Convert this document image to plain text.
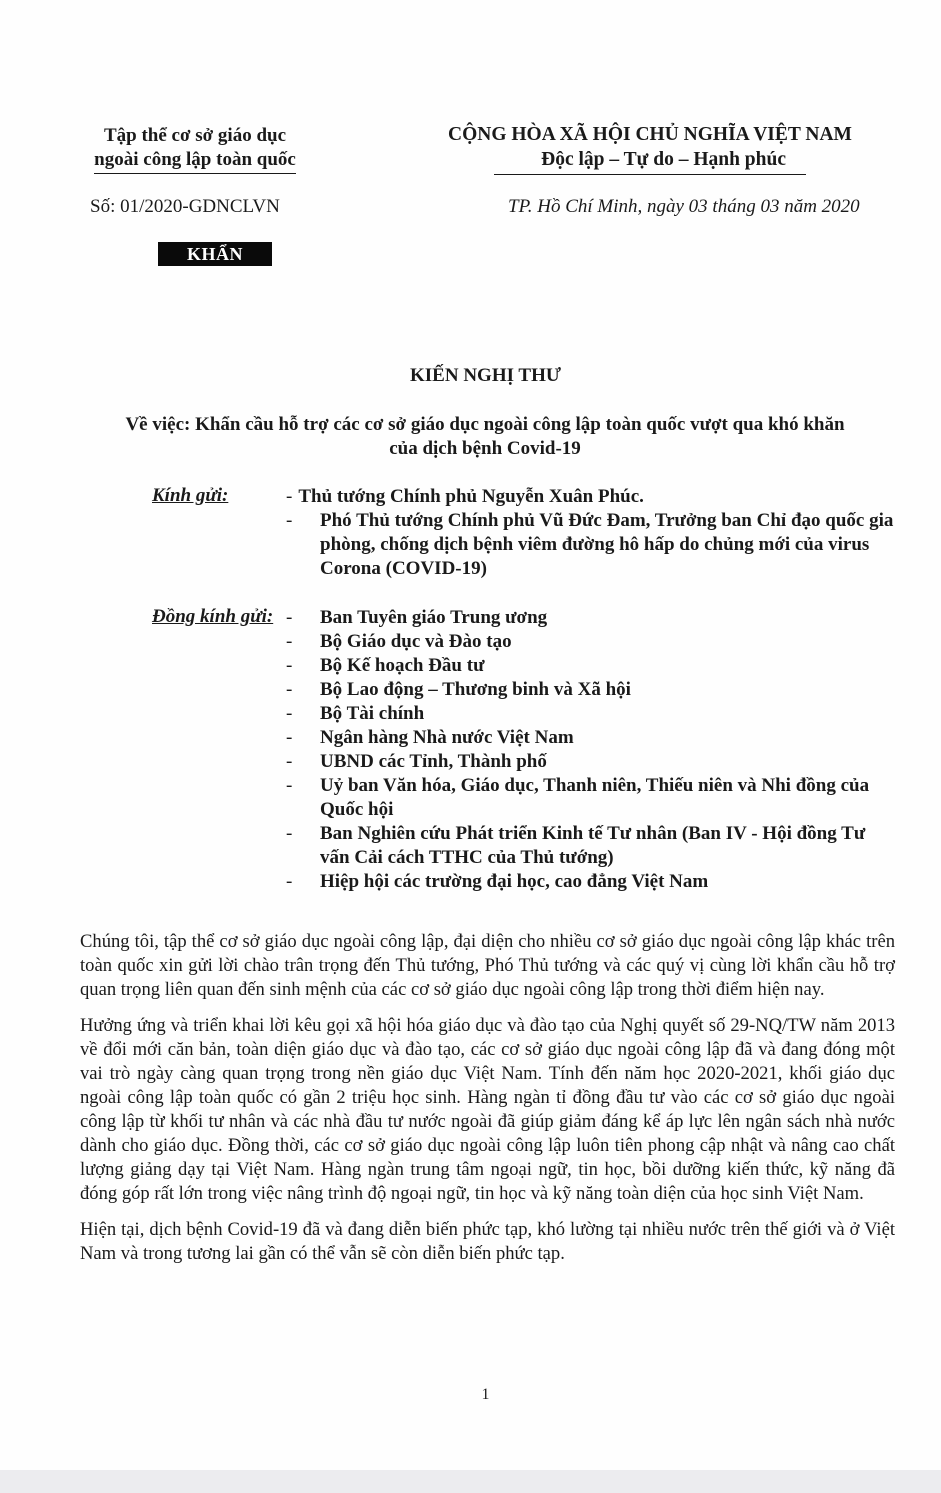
Tập thể cơ sở giáo dục
ngoài công lập toàn quốc
CỘNG HÒA XÃ HỘI CHỦ NGHĨA VIỆT NAM
Độc lập – Tự do – Hạnh phúc
Số: 01/2020-GDNCLVN	TP. Hồ Chí Minh, ngày 03 tháng 03 năm 2020
KHẨN
KIẾN NGHỊ THƯ
Về việc: Khẩn cầu hỗ trợ các cơ sở giáo dục ngoài công lập toàn quốc vượt qua khó khăn
của dịch bệnh Covid-19
Kính gửi:	- Thủ tướng Chính phủ Nguyễn Xuân Phúc.
-	Phó Thủ tướng Chính phủ Vũ Đức Đam, Trưởng ban Chỉ đạo quốc gia phòng, chống dịch bệnh viêm đường hô hấp do chủng mới của virus Corona (COVID-19)
Đồng kính gửi: -	Ban Tuyên giáo Trung ương
-	Bộ Giáo dục và Đào tạo
-	Bộ Kế hoạch Đầu tư
-	Bộ Lao động – Thương binh và Xã hội
-	Bộ Tài chính
-	Ngân hàng Nhà nước Việt Nam
-	UBND các Tỉnh, Thành phố
-	Uỷ ban Văn hóa, Giáo dục, Thanh niên, Thiếu niên và Nhi đồng của Quốc hội
-	Ban Nghiên cứu Phát triển Kinh tế Tư nhân (Ban IV - Hội đồng Tư vấn Cải cách TTHC của Thủ tướng)
-	Hiệp hội các trường đại học, cao đẳng Việt Nam

Chúng tôi, tập thể cơ sở giáo dục ngoài công lập, đại diện cho nhiều cơ sở giáo dục ngoài công lập khác trên toàn quốc xin gửi lời chào trân trọng đến Thủ tướng, Phó Thủ tướng và các quý vị cùng lời khẩn cầu hỗ trợ quan trọng liên quan đến sinh mệnh của các cơ sở giáo dục ngoài công lập trong thời điểm hiện nay.

Hưởng ứng và triển khai lời kêu gọi xã hội hóa giáo dục và đào tạo của Nghị quyết số 29-NQ/TW năm 2013 về đổi mới căn bản, toàn diện giáo dục và đào tạo, các cơ sở giáo dục ngoài công lập đã và đang đóng một vai trò ngày càng quan trọng trong nền giáo dục Việt Nam. Tính đến năm học 2020-2021, khối giáo dục ngoài công lập toàn quốc có gần 2 triệu học sinh. Hàng ngàn tỉ đồng đầu tư vào các cơ sở giáo dục ngoài công lập từ khối tư nhân và các nhà đầu tư nước ngoài đã giúp giảm đáng kể áp lực lên ngân sách nhà nước dành cho giáo dục. Đồng thời, các cơ sở giáo dục ngoài công lập luôn tiên phong cập nhật và nâng cao chất lượng giảng dạy tại Việt Nam. Hàng ngàn trung tâm ngoại ngữ, tin học, bồi dưỡng kiến thức, kỹ năng đã đóng góp rất lớn trong việc nâng trình độ ngoại ngữ, tin học và kỹ năng toàn diện của học sinh Việt Nam.

Hiện tại, dịch bệnh Covid-19 đã và đang diễn biến phức tạp, khó lường tại nhiều nước trên thế giới và ở Việt Nam và trong tương lai gần có thể vẫn sẽ còn diễn biến phức tạp.

1
